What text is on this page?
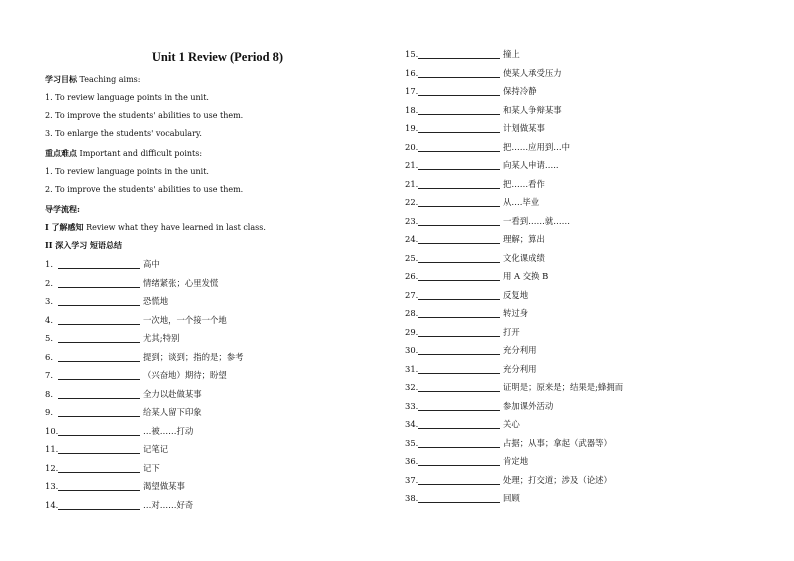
Unit 1 Review (Period 8)
学习目标 Teaching aims:
1. To review language points in the unit.
2. To improve the students' abilities to use them.
3. To enlarge the students' vocabulary.
重点难点 Important and difficult points:
1. To review language points in the unit.
2. To improve the students' abilities to use them.
导学流程:
I 了解感知 Review what they have learned in last class.
II 深入学习 短语总结
1.	高中
2.	情绪紧张；心里发慌
3.	恐慌地
4.	一次地，一个接一个地
5.	尤其;特别
6.	提到；谈到；指的是；参考
7.	（兴奋地）期待；盼望
8.	全力以赴做某事
9.	给某人留下印象
10.	…被……打动
11.	记笔记
12.	记下
13.	渴望做某事
14.	…对……好奇
15.	撞上
16.	使某人承受压力
17.	保持冷静
18.	和某人争辩某事
19.	计划做某事
20.	把……应用到…中
21.	向某人申请…..
21.	把……看作
22.	从….毕业
23.	一看到……就……
24.	理解；算出
25.	文化课成绩
26.	用 A 交换 B
27.	反复地
28.	转过身
29.	打开
30.	充分利用
31.	充分利用
32.	证明是；原来是；结果是;蜂拥而
33.	参加课外活动
34.	关心
35.	占据；从事；拿起（武器等）
36.	肯定地
37.	处理；打交道；涉及（论述）
38.	回顾
